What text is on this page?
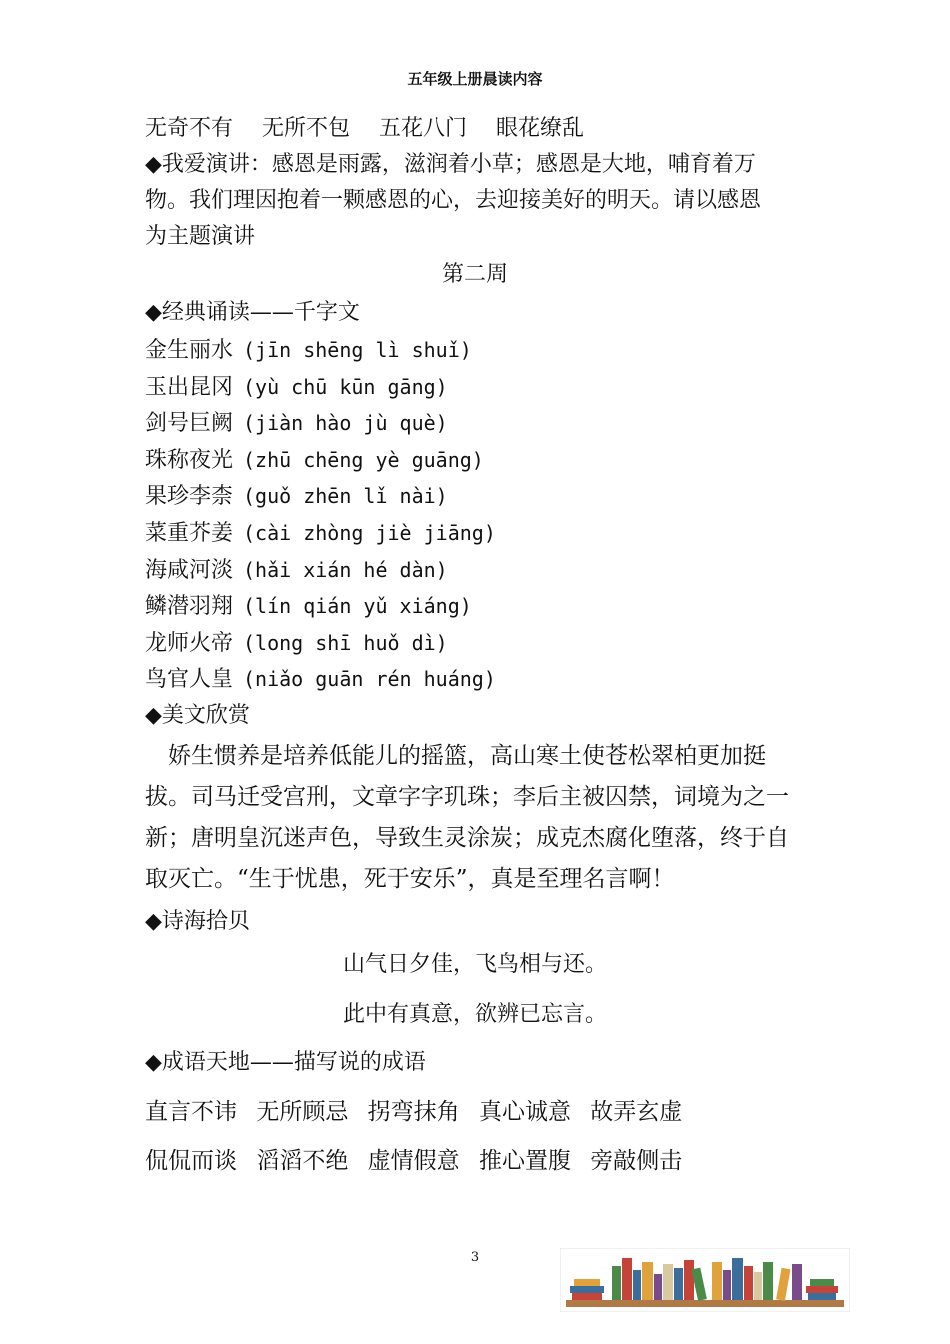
五年级上册晨读内容
无奇不有 无所不包 五花八门 眼花缭乱
◆我爱演讲：感恩是雨露，滋润着小草；感恩是大地，哺育着万
物。我们理因抱着一颗感恩的心，去迎接美好的明天。请以感恩
为主题演讲
第二周
◆经典诵读——千字文
金生丽水 (jīn shēng lì shuǐ)
玉出昆冈 (yù chū kūn gāng)
剑号巨阙 (jiàn hào jù què)
珠称夜光 (zhū chēng yè guāng)
果珍李柰 (guǒ zhēn lǐ nài)
菜重芥姜 (cài zhòng jiè jiāng)
海咸河淡 (hǎi xián hé dàn)
鳞潜羽翔 (lín qián yǔ xiáng)
龙师火帝 (long shī huǒ dì)
鸟官人皇 (niǎo guān rén huáng)
◆美文欣赏

　娇生惯养是培养低能儿的摇篮，高山寒土使苍松翠柏更加挺

拔。司马迁受宫刑，文章字字玑珠；李后主被囚禁，词境为之一

新；唐明皇沉迷声色，导致生灵涂炭；成克杰腐化堕落，终于自

取灭亡。“生于忧患，死于安乐”，真是至理名言啊！

◆诗海拾贝
山气日夕佳，飞鸟相与还。
此中有真意，欲辨已忘言。
◆成语天地——描写说的成语
直言不讳 无所顾忌 拐弯抹角 真心诚意 故弄玄虚
侃侃而谈 滔滔不绝 虚情假意 推心置腹 旁敲侧击
3
